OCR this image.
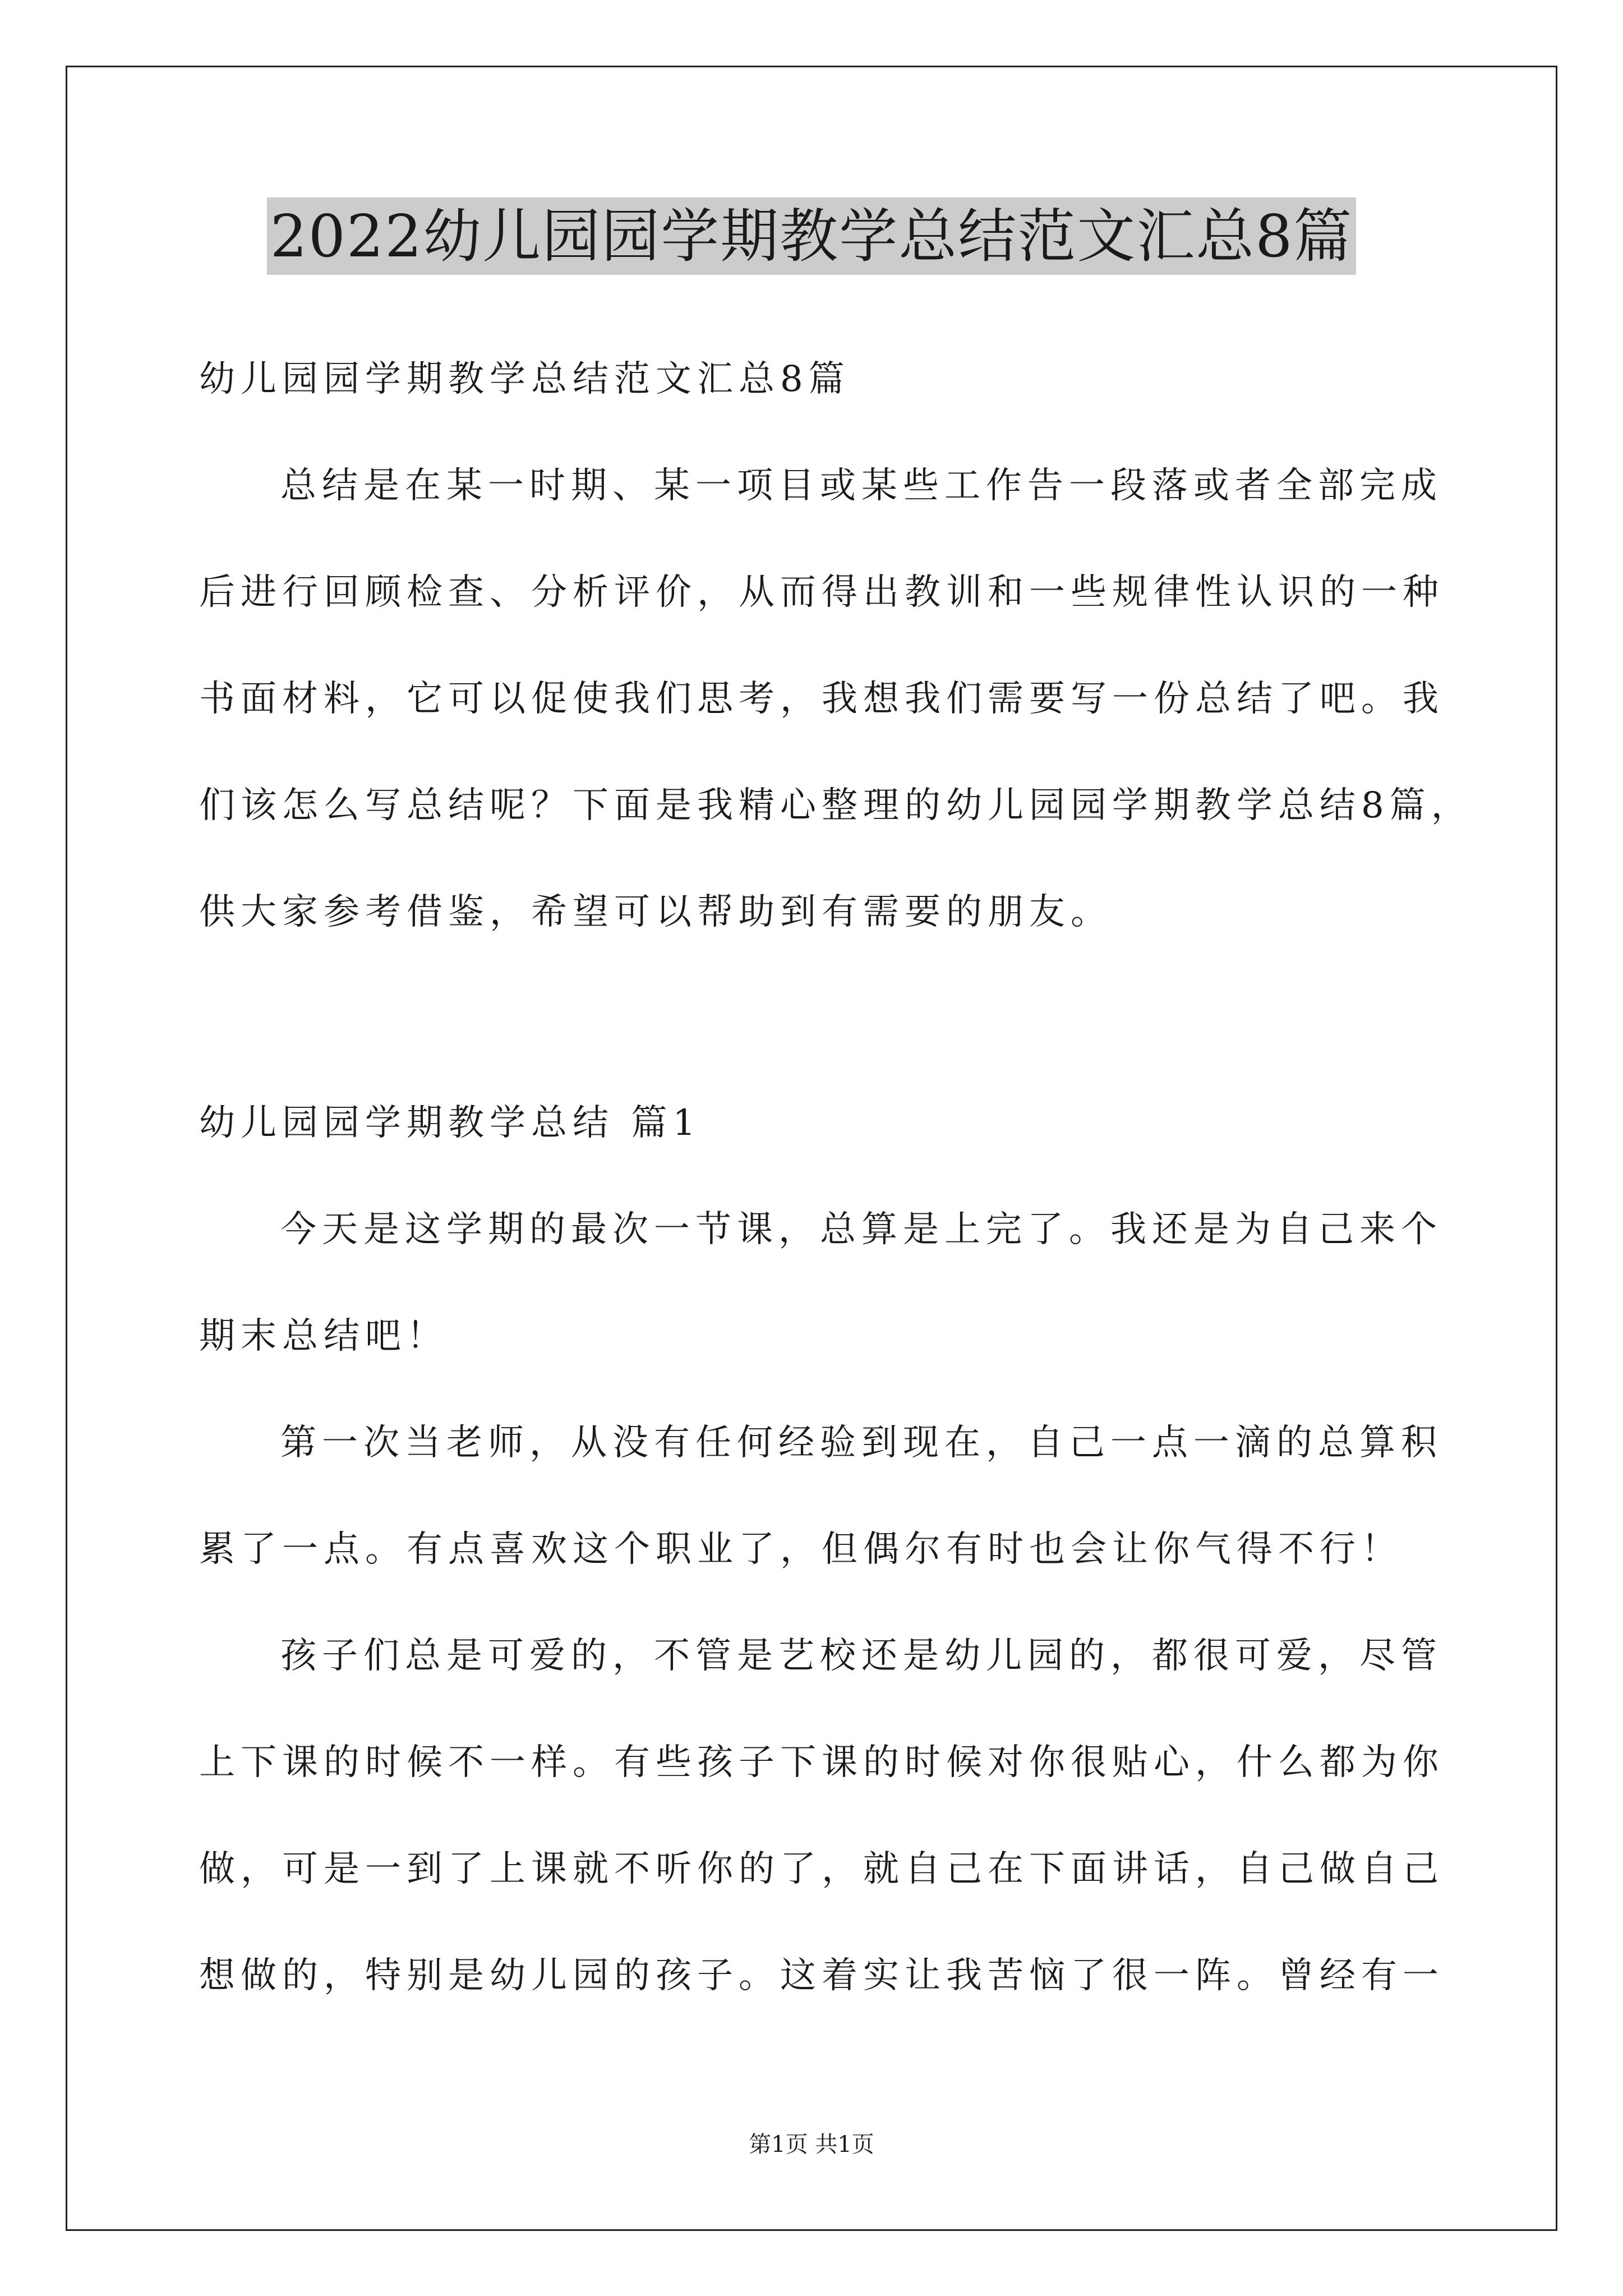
2022幼儿园园学期教学总结范文汇总8篇
幼儿园园学期教学总结范文汇总8篇
总结是在某一时期、某一项目或某些工作告一段落或者全部完成
后进行回顾检查、分析评价，从而得出教训和一些规律性认识的一种
书面材料，它可以促使我们思考，我想我们需要写一份总结了吧。我
们该怎么写总结呢？下面是我精心整理的幼儿园园学期教学总结8篇，
供大家参考借鉴，希望可以帮助到有需要的朋友。
幼儿园园学期教学总结 篇1
今天是这学期的最次一节课，总算是上完了。我还是为自己来个
期末总结吧！
第一次当老师，从没有任何经验到现在，自己一点一滴的总算积
累了一点。有点喜欢这个职业了，但偶尔有时也会让你气得不行！
孩子们总是可爱的，不管是艺校还是幼儿园的，都很可爱，尽管
上下课的时候不一样。有些孩子下课的时候对你很贴心，什么都为你
做，可是一到了上课就不听你的了，就自己在下面讲话，自己做自己
想做的，特别是幼儿园的孩子。这着实让我苦恼了很一阵。曾经有一
第1页 共1页
